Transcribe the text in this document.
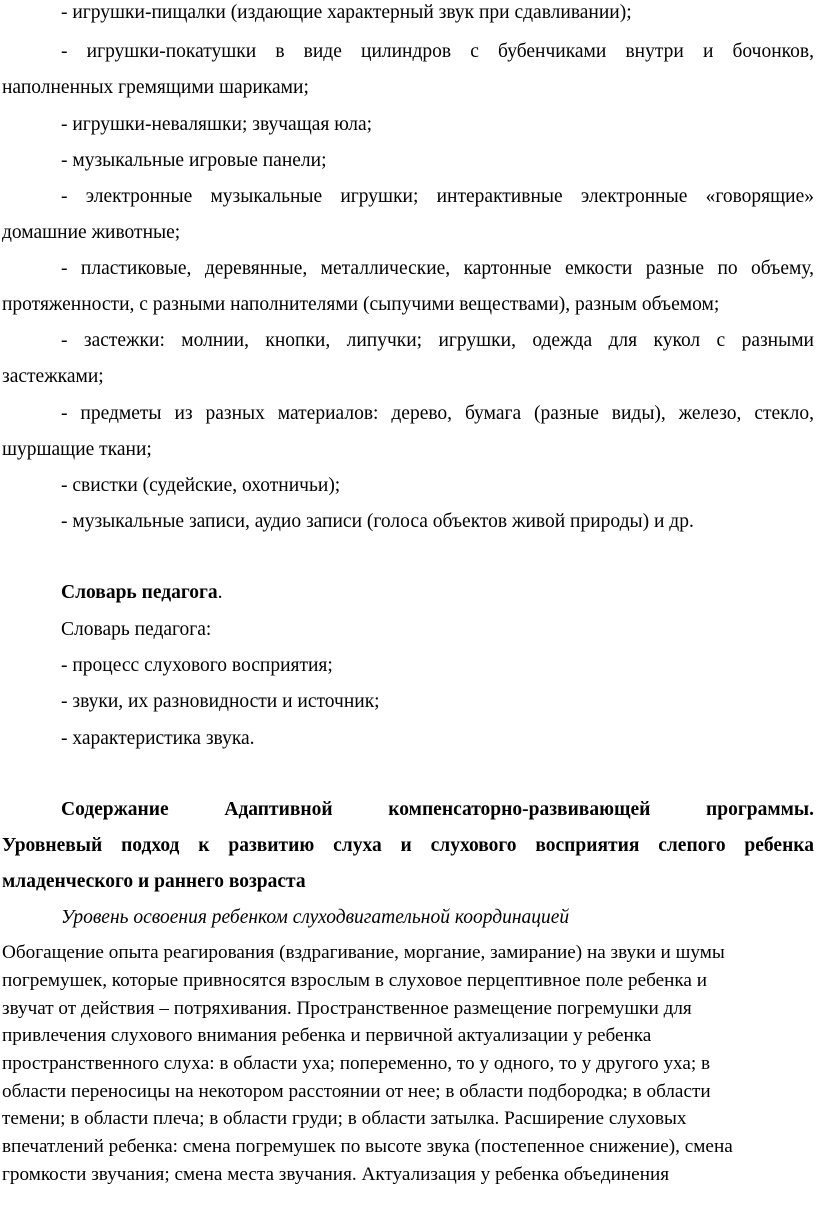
- игрушки-пищалки (издающие характерный звук при сдавливании);
- игрушки-покатушки в виде цилиндров с бубенчиками внутри и бочонков,
наполненных гремящими шариками;
- игрушки-неваляшки; звучащая юла;
- музыкальные игровые панели;
- электронные музыкальные игрушки; интерактивные электронные «говорящие»
домашние животные;
- пластиковые, деревянные, металлические, картонные емкости разные по объему,
протяженности, с разными наполнителями (сыпучими веществами), разным объемом;
- застежки: молнии, кнопки, липучки; игрушки, одежда для кукол с разными
застежками;
- предметы из разных материалов: дерево, бумага (разные виды), железо, стекло,
шуршащие ткани;
- свистки (судейские, охотничьи);
- музыкальные записи, аудио записи (голоса объектов живой природы) и др.
Словарь педагога.
Словарь педагога:
- процесс слухового восприятия;
- звуки, их разновидности и источник;
- характеристика звука.
Содержание Адаптивной компенсаторно-развивающей программы.
Уровневый подход к развитию слуха и слухового восприятия слепого ребенка
младенческого и раннего возраста
Уровень освоения ребенком слуходвигательной координацией
Обогащение опыта реагирования (вздрагивание, моргание, замирание) на звуки и шумы
погремушек, которые привносятся взрослым в слуховое перцептивное поле ребенка и
звучат от действия – потряхивания. Пространственное размещение погремушки для
привлечения слухового внимания ребенка и первичной актуализации у ребенка
пространственного слуха: в области уха; попеременно, то у одного, то у другого уха; в
области переносицы на некотором расстоянии от нее; в области подбородка; в области
темени; в области плеча; в области груди; в области затылка. Расширение слуховых
впечатлений ребенка: смена погремушек по высоте звука (постепенное снижение), смена
громкости звучания; смена места звучания. Актуализация у ребенка объединения
